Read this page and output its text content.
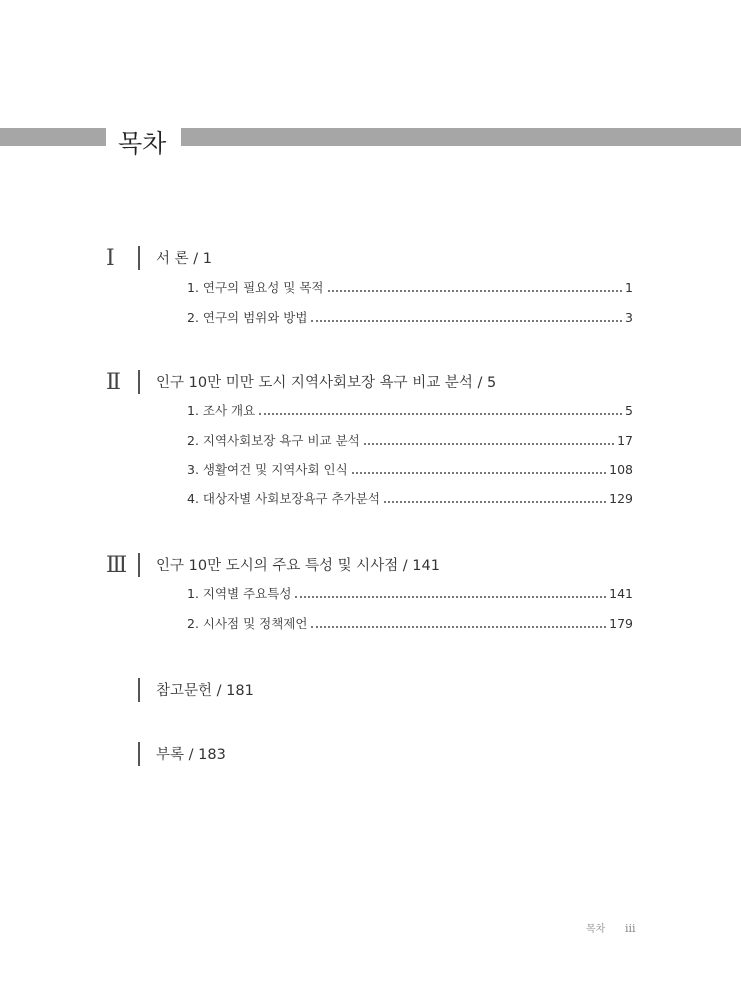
목차
Ⅰ	서 론 / 1
1. 연구의 필요성 및 목적	1
2. 연구의 범위와 방법	3
Ⅱ 인구 10만 미만 도시 지역사회보장 욕구 비교 분석 / 5
1. 조사 개요	5
2. 지역사회보장 욕구 비교 분석	17
3. 생활여건 및 지역사회 인식	108
4. 대상자별 사회보장욕구 추가분석	129
Ⅲ 인구 10만 도시의 주요 특성 및 시사점 / 141
1. 지역별 주요특성	141
2. 시사점 및 정책제언	179
참고문헌 / 181
부록 / 183
목차 iii
